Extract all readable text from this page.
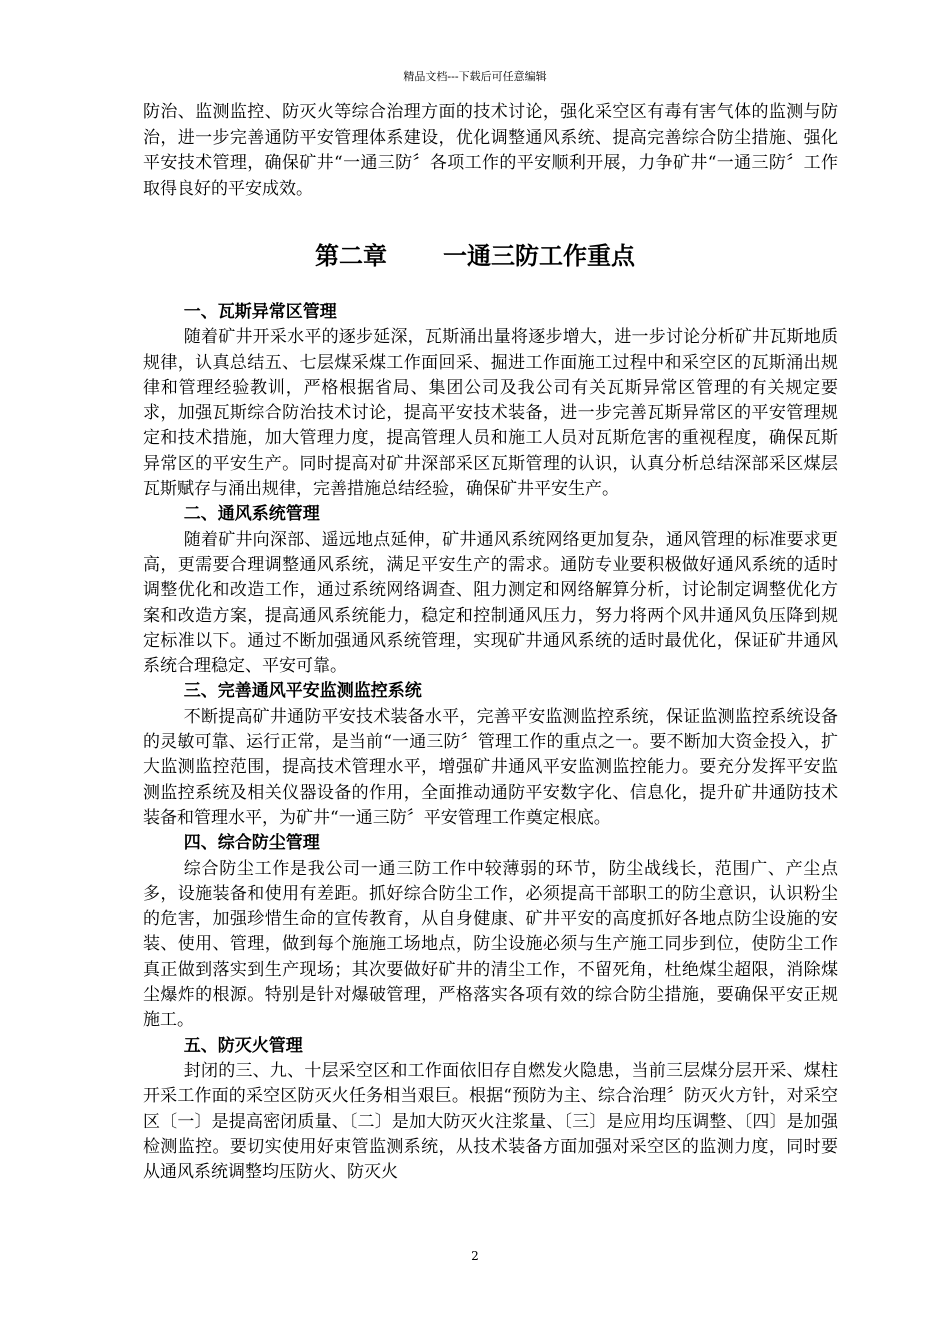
精品文档---下载后可任意编辑

防治、监测监控、防灭火等综合治理方面的技术讨论，强化采空区有毒有害气体的监测与防治，进一步完善通防平安管理体系建设，优化调整通风系统、提高完善综合防尘措施、强化平安技术管理，确保矿井“一通三防〞各项工作的平安顺利开展，力争矿井“一通三防〞工作取得良好的平安成效。

第二章 一通三防工作重点
一、瓦斯异常区管理

随着矿井开采水平的逐步延深，瓦斯涌出量将逐步增大，进一步讨论分析矿井瓦斯地质规律，认真总结五、七层煤采煤工作面回采、掘进工作面施工过程中和采空区的瓦斯涌出规律和管理经验教训，严格根据省局、集团公司及我公司有关瓦斯异常区管理的有关规定要求，加强瓦斯综合防治技术讨论，提高平安技术装备，进一步完善瓦斯异常区的平安管理规定和技术措施，加大管理力度，提高管理人员和施工人员对瓦斯危害的重视程度，确保瓦斯异常区的平安生产。同时提高对矿井深部采区瓦斯管理的认识，认真分析总结深部采区煤层瓦斯赋存与涌出规律，完善措施总结经验，确保矿井平安生产。

二、通风系统管理

随着矿井向深部、遥远地点延伸，矿井通风系统网络更加复杂，通风管理的标准要求更高，更需要合理调整通风系统，满足平安生产的需求。通防专业要积极做好通风系统的适时调整优化和改造工作，通过系统网络调查、阻力测定和网络解算分析，讨论制定调整优化方案和改造方案，提高通风系统能力，稳定和控制通风压力，努力将两个风井通风负压降到规定标准以下。通过不断加强通风系统管理，实现矿井通风系统的适时最优化，保证矿井通风系统合理稳定、平安可靠。

三、完善通风平安监测监控系统

不断提高矿井通防平安技术装备水平，完善平安监测监控系统，保证监测监控系统设备的灵敏可靠、运行正常，是当前“一通三防〞管理工作的重点之一。要不断加大资金投入，扩大监测监控范围，提高技术管理水平，增强矿井通风平安监测监控能力。要充分发挥平安监测监控系统及相关仪器设备的作用，全面推动通防平安数字化、信息化，提升矿井通防技术装备和管理水平，为矿井“一通三防〞平安管理工作奠定根底。

四、综合防尘管理

综合防尘工作是我公司一通三防工作中较薄弱的环节，防尘战线长，范围广、产尘点多，设施装备和使用有差距。抓好综合防尘工作，必须提高干部职工的防尘意识，认识粉尘的危害，加强珍惜生命的宣传教育，从自身健康、矿井平安的高度抓好各地点防尘设施的安装、使用、管理，做到每个施施工场地点，防尘设施必须与生产施工同步到位，使防尘工作真正做到落实到生产现场；其次要做好矿井的清尘工作，不留死角，杜绝煤尘超限，消除煤尘爆炸的根源。特别是针对爆破管理，严格落实各项有效的综合防尘措施，要确保平安正规施工。

五、防灭火管理

封闭的三、九、十层采空区和工作面依旧存自燃发火隐患，当前三层煤分层开采、煤柱开采工作面的采空区防灭火任务相当艰巨。根据“预防为主、综合治理〞防灭火方针，对采空区〔一〕是提高密闭质量、〔二〕是加大防灭火注浆量、〔三〕是应用均压调整、〔四〕是加强检测监控。要切实使用好束管监测系统，从技术装备方面加强对采空区的监测力度，同时要从通风系统调整均压防火、防灭火

2
